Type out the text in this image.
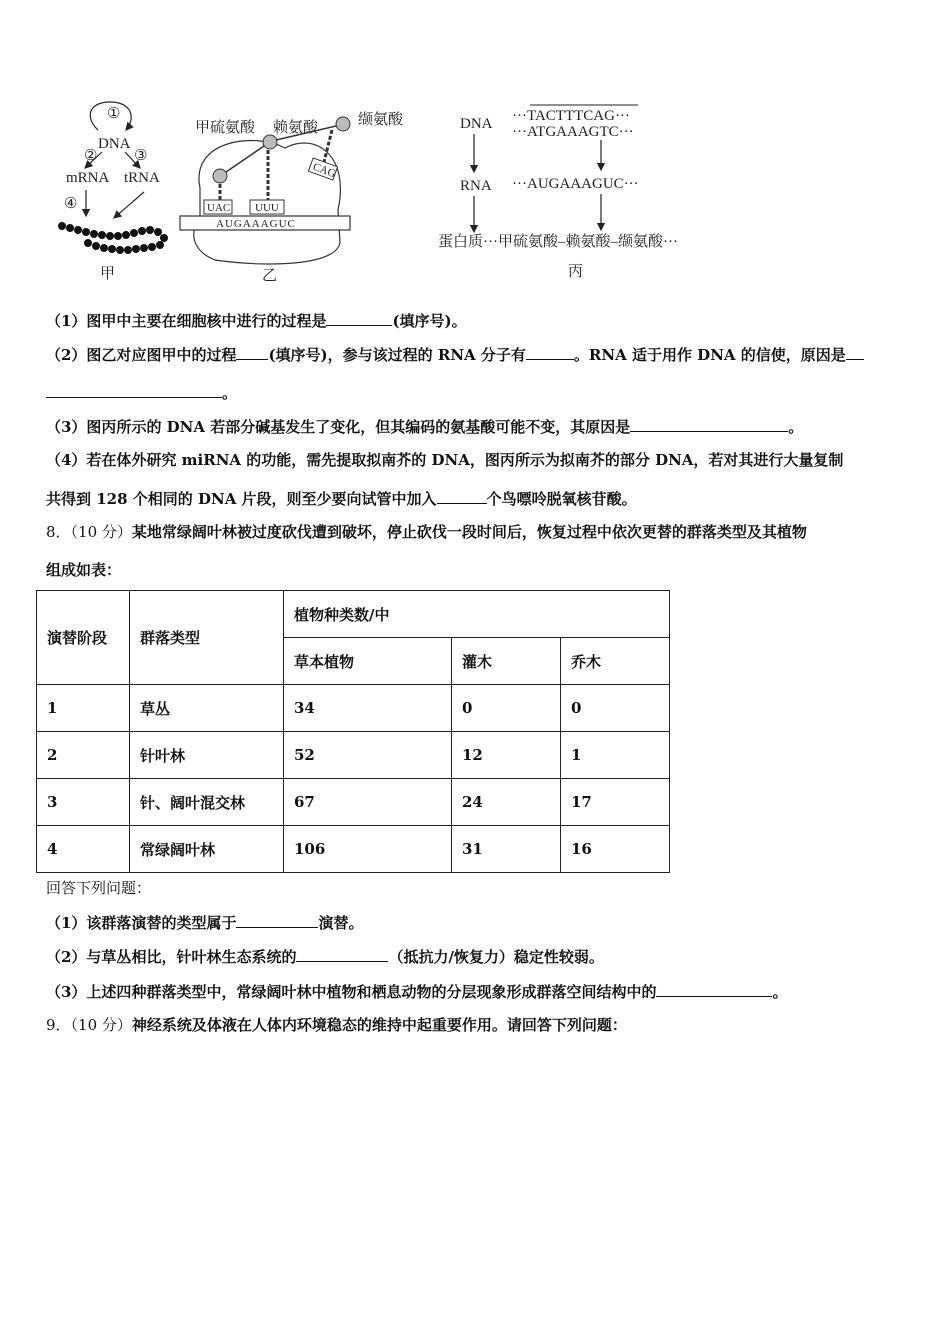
①
DNA
② ③
mRNA tRNA
④
甲
AUGAAAGUC
甲硫氨酸 赖氨酸	缬氨酸
UAC UUU
CAG
乙
DNA
RNA
···TACTTTCAG···
···ATGAAAGTC···
···AUGAAAGUC···
蛋白质···甲硫氨酸–赖氨酸–缬氨酸···
丙
（1）图甲中主要在细胞核中进行的过程是	(填序号)。
（2）图乙对应图甲中的过程 (填序号)，参与该过程的 RNA 分子有	。RNA 适于用作 DNA 的信使，原因是
。
（3）图丙所示的 DNA 若部分碱基发生了变化，但其编码的氨基酸可能不变，其原因是	。
（4）若在体外研究 miRNA 的功能，需先提取拟南芥的 DNA，图丙所示为拟南芥的部分 DNA，若对其进行大量复制
共得到 128 个相同的 DNA 片段，则至少要向试管中加入	个鸟嘌呤脱氧核苷酸。
8．（10 分）某地常绿阔叶林被过度砍伐遭到破坏，停止砍伐一段时间后，恢复过程中依次更替的群落类型及其植物
组成如表：
演替阶段	群落类型	植物种类数/中		
		草本植物	灌木	乔木
1	草丛	34	0	0
2	针叶林	52	12	1
3	针、阔叶混交林	67	24	17
4	常绿阔叶林	106	31	16
回答下列问题：
（1）该群落演替的类型属于	演替。
（2）与草丛相比，针叶林生态系统的	（抵抗力/恢复力）稳定性较弱。
（3）上述四种群落类型中，常绿阔叶林中植物和栖息动物的分层现象形成群落空间结构中的	。
9．（10 分）神经系统及体液在人体内环境稳态的维持中起重要作用。请回答下列问题：
